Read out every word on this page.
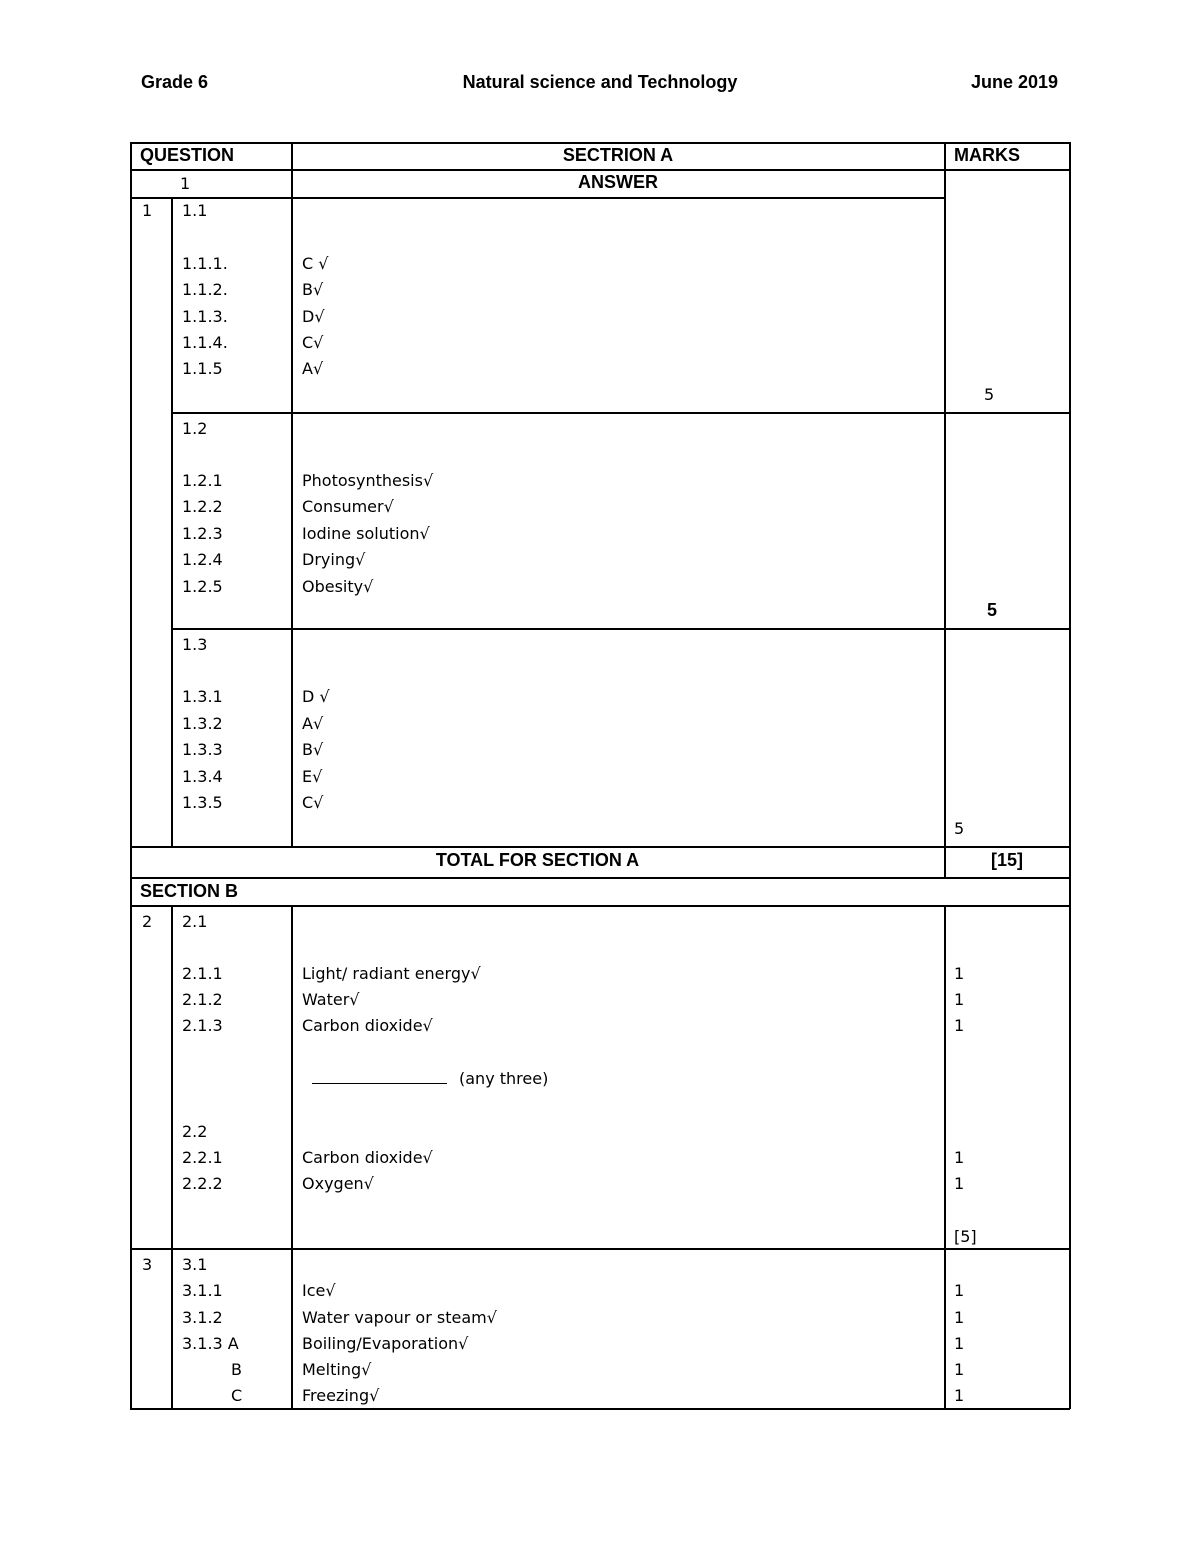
Grade 6	Natural science and Technology	June 2019
QUESTION	SECTRION A	MARKS
1	ANSWER
1 1.1
1.1.1.	C √
1.1.2.	B√
1.1.3.	D√
1.1.4.	C√
1.1.5	A√
5
1.2
1.2.1	Photosynthesis√
1.2.2	Consumer√
1.2.3	Iodine solution√
1.2.4	Drying√
1.2.5	Obesity√
5
1.3
1.3.1	D √
1.3.2	A√
1.3.3	B√
1.3.4	E√
1.3.5	C√
5
TOTAL FOR SECTION A	[15]
SECTION B
2 2.1
2.1.1	Light/ radiant energy√	1
2.1.2	Water√	1
2.1.3	Carbon dioxide√	1
(any three)
2.2
2.2.1	Carbon dioxide√	1
2.2.2	Oxygen√	1
[5]
3 3.1
3.1.1	Ice√	1
3.1.2	Water vapour or steam√	1
3.1.3 A	Boiling/Evaporation√	1
B	Melting√	1
C	Freezing√	1
